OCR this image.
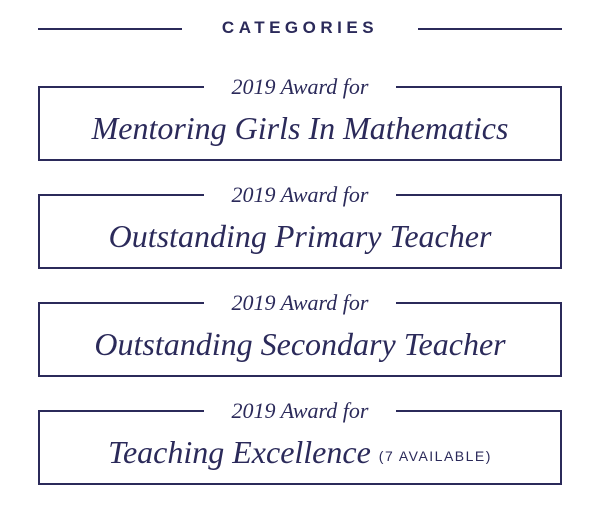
CATEGORIES
2019 Award for
Mentoring Girls In Mathematics
2019 Award for
Outstanding Primary Teacher
2019 Award for
Outstanding Secondary Teacher
2019 Award for
Teaching Excellence (7 AVAILABLE)
